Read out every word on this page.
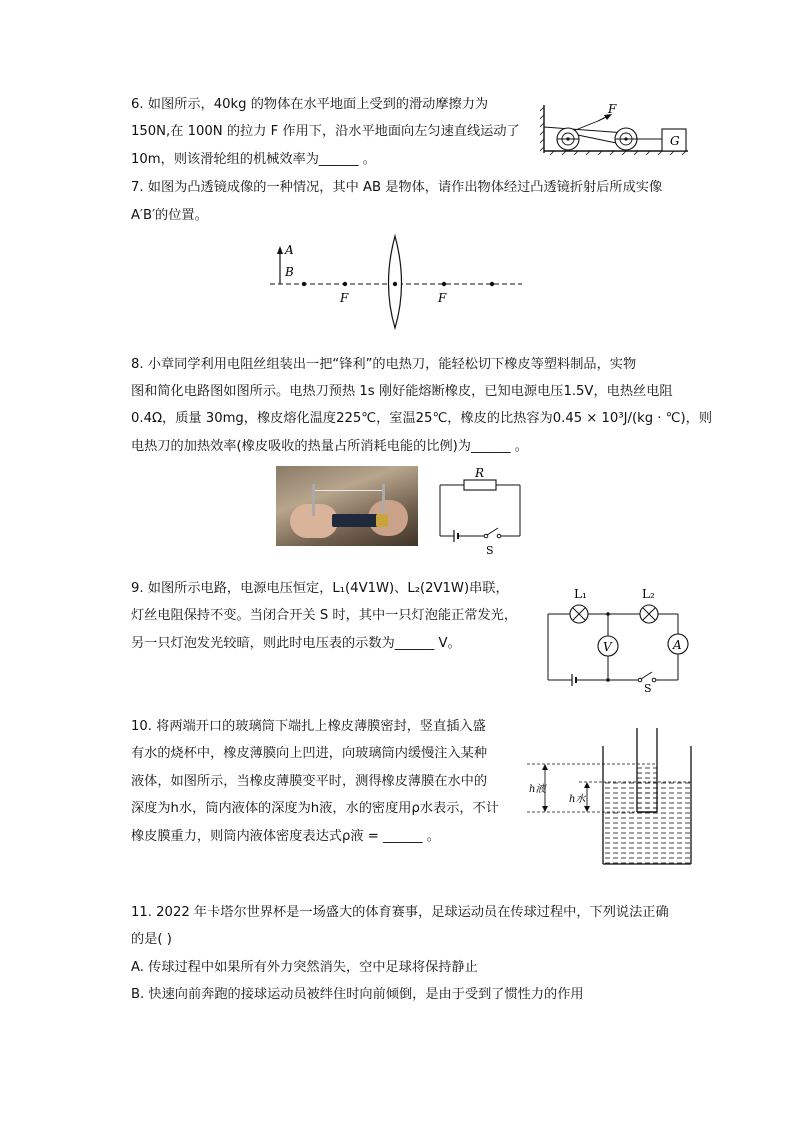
6. 如图所示，40kg 的物体在水平地面上受到的滑动摩擦力为
150N,在 100N 的拉力 F 作用下，沿水平地面向左匀速直线运动了
10m，则该滑轮组的机械效率为______ 。
F
G
7. 如图为凸透镜成像的一种情况，其中 AB 是物体，请作出物体经过凸透镜折射后所成实像
A′B′的位置。
A
B
F	F
8. 小章同学利用电阻丝组装出一把“锋利”的电热刀，能轻松切下橡皮等塑料制品，实物
图和简化电路图如图所示。电热刀预热 1s 刚好能熔断橡皮，已知电源电压1.5V，电热丝电阻
0.4Ω，质量 30mg，橡皮熔化温度225℃，室温25℃，橡皮的比热容为0.45 × 10³J/(kg · ℃)，则
电热刀的加热效率(橡皮吸收的热量占所消耗电能的比例)为______ 。
R
S
9. 如图所示电路，电源电压恒定，L₁(4V1W)、L₂(2V1W)串联，
灯丝电阻保持不变。当闭合开关 S 时，其中一只灯泡能正常发光，
另一只灯泡发光较暗，则此时电压表的示数为______ V。
L₁	L₂
V	A
S
10. 将两端开口的玻璃筒下端扎上橡皮薄膜密封，竖直插入盛
有水的烧杯中，橡皮薄膜向上凹进，向玻璃筒内缓慢注入某种
液体，如图所示，当橡皮薄膜变平时，测得橡皮薄膜在水中的
深度为h水，筒内液体的深度为h液，水的密度用ρ水表示，不计
橡皮膜重力，则筒内液体密度表达式ρ液 = ______ 。
h液
h水
11. 2022 年卡塔尔世界杯是一场盛大的体育赛事，足球运动员在传球过程中，下列说法正确
的是( )
A. 传球过程中如果所有外力突然消失，空中足球将保持静止
B. 快速向前奔跑的接球运动员被绊住时向前倾倒，是由于受到了惯性力的作用
